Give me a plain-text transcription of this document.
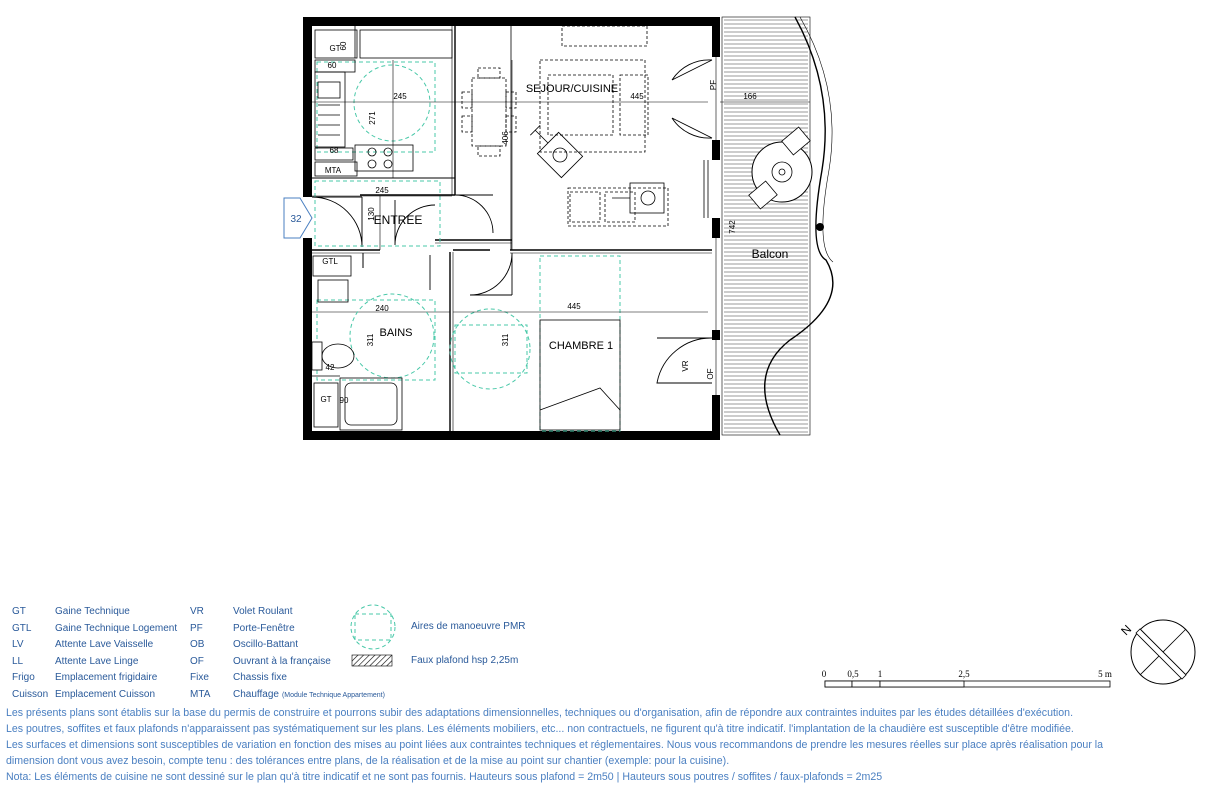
SEJOUR/CUISINE
ENTREE
BAINS
CHAMBRE 1
Balcon
245
271
445
406
166
245
130
240
311
445
311
742
60
60
68
42
90
GT
MTA
GTL
GT
PF
VR
OF
32
0 0,5 1	2,5	5 m
N
GT	Gaine Technique
GTL Gaine Technique Logement
LV	Attente Lave Vaisselle
LL	Attente Lave Linge
Frigo Emplacement frigidaire
Cuisson Emplacement Cuisson
VR	Volet Roulant
PF	Porte-Fenêtre
OB	Oscillo-Battant
OF	Ouvrant à la française
Fixe Chassis fixe
MTA Chauffage (Module Technique Appartement)
Aires de manoeuvre PMR
Faux plafond hsp 2,25m
Les présents plans sont établis sur la base du permis de construire et pourrons subir des adaptations dimensionnelles, techniques ou d'organisation, afin de répondre aux contraintes induites par les études détaillées d'exécution.
Les poutres, soffites et faux plafonds n'apparaissent pas systématiquement sur les plans. Les éléments mobiliers, etc... non contractuels, ne figurent qu'à titre indicatif. l'implantation de la chaudière est susceptible d'être modifiée.
Les surfaces et dimensions sont susceptibles de variation en fonction des mises au point liées aux contraintes techniques et réglementaires. Nous vous recommandons de prendre les mesures réelles sur place après réalisation pour la
dimension dont vous avez besoin, compte tenu : des tolérances entre plans, de la réalisation et de la mise au point sur chantier (exemple: pour la cuisine).
Nota: Les éléments de cuisine ne sont dessiné sur le plan qu'à titre indicatif et ne sont pas fournis. Hauteurs sous plafond = 2m50 | Hauteurs sous poutres / soffites / faux-plafonds = 2m25
